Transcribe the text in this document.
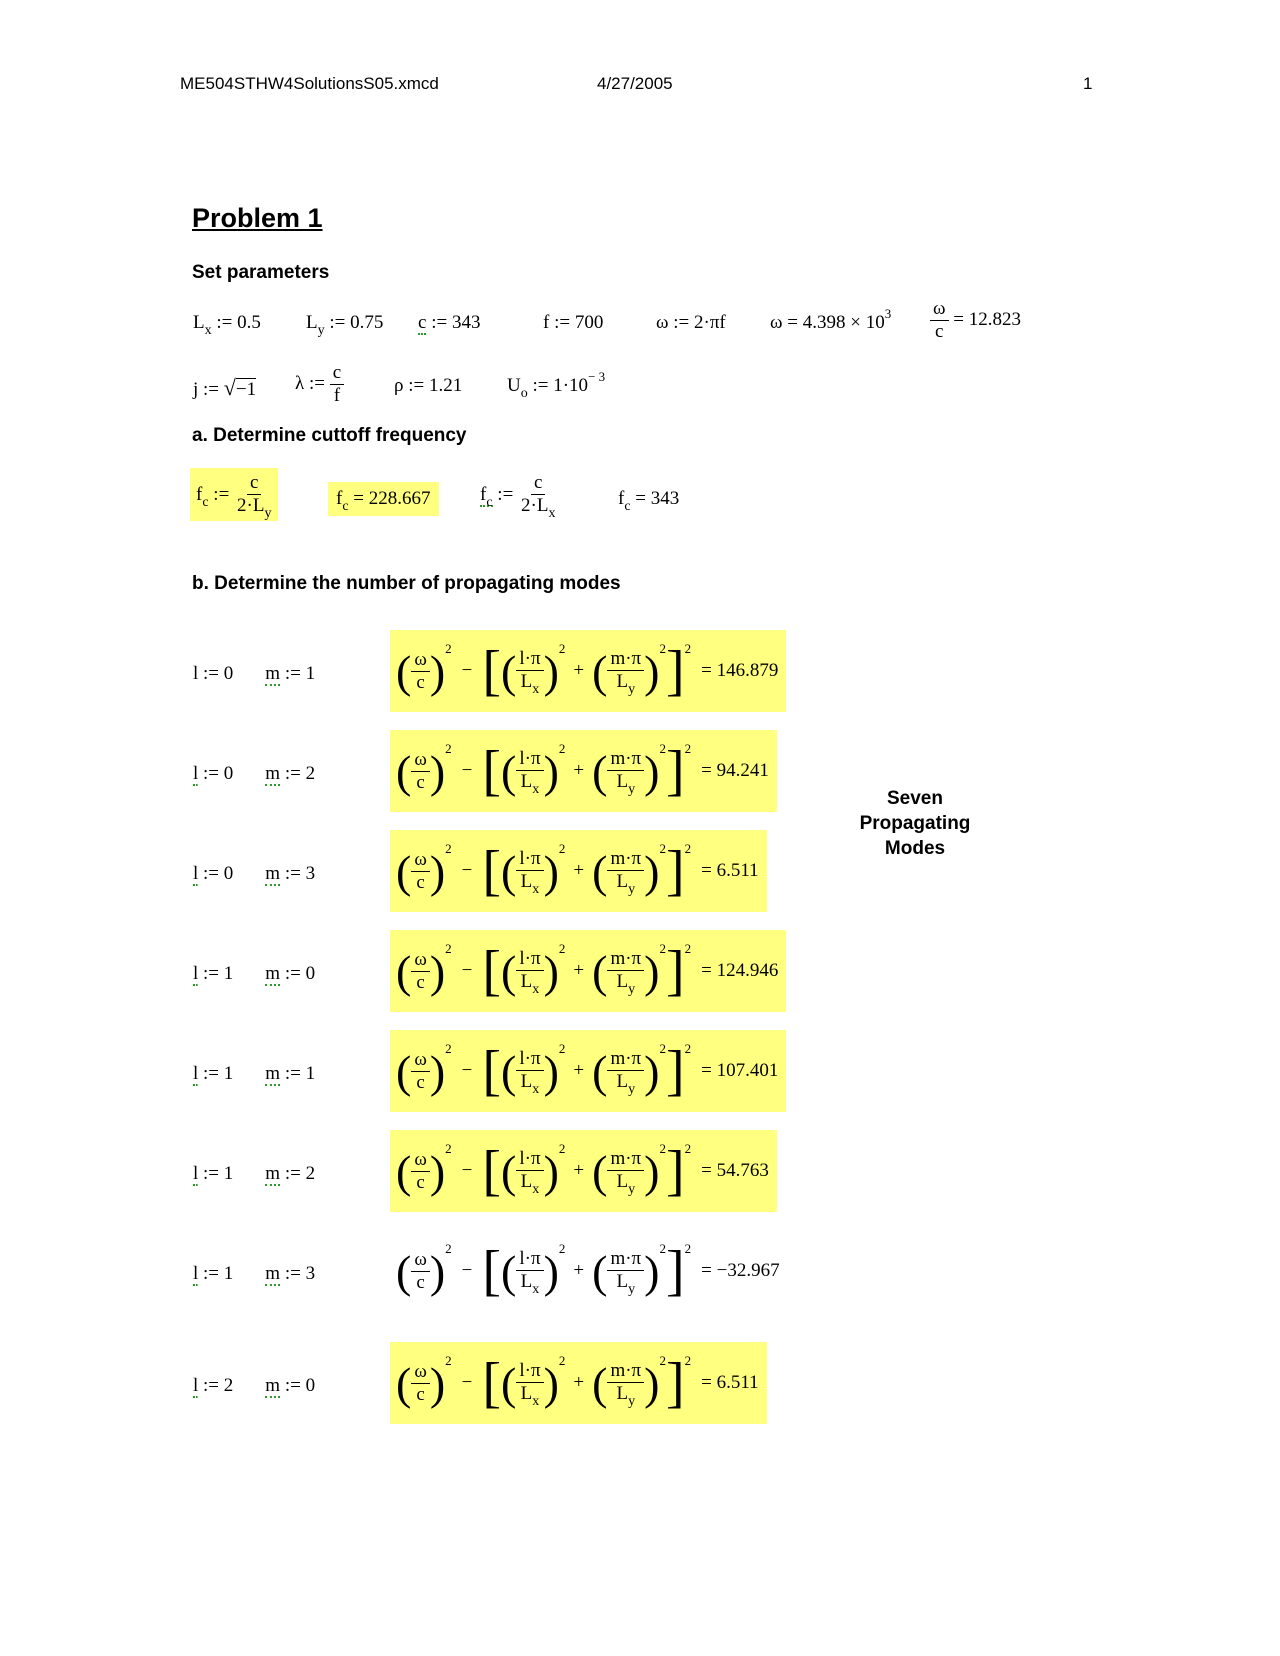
ME504STHW4SolutionsS05.xmcd	4/27/2005	1
Problem 1
Set parameters
$L_x$ := 0.5 $L_y$ := 0.75 c := 343	f := 700	ω := 2·πf $\omega = 4.398 \times 10^3 \frac{\omega}{c} = 12.823$
j := √−1 λ := $\frac{c}{f}$	ρ := 1.21 $U_o$ := $1\cdot 10^{- 3}$
a. Determine cuttoff frequency
$f_c$ := $\frac{c}{2\cdot L_y}$	$f_c = 228.667$	$f_c$ := $\frac{c}{2\cdot L_x}$	$f_c = 343$
b. Determine the number of propagating modes
Seven
Propagating
Modes
l := 0 m := 1 ( $\frac{\omega}{c}$ ) 2
− [ ( $\frac{l\cdot\pi}{L_x}$ ) 2
+ ( $\frac{m\cdot\pi}{L_y}$ ) 2 ] 2
= 146.879
l := 0 m := 2 ( $\frac{\omega}{c}$ ) 2
− [ ( $\frac{l\cdot\pi}{L_x}$ ) 2
+ ( $\frac{m\cdot\pi}{L_y}$ ) 2 ] 2
= 94.241
l := 0 m := 3 ( $\frac{\omega}{c}$ ) 2
− [ ( $\frac{l\cdot\pi}{L_x}$ ) 2
+ ( $\frac{m\cdot\pi}{L_y}$ ) 2 ] 2
= 6.511
l := 1 m := 0 ( $\frac{\omega}{c}$ ) 2
− [ ( $\frac{l\cdot\pi}{L_x}$ ) 2
+ ( $\frac{m\cdot\pi}{L_y}$ ) 2 ] 2
= 124.946
l := 1 m := 1 ( $\frac{\omega}{c}$ ) 2
− [ ( $\frac{l\cdot\pi}{L_x}$ ) 2
+ ( $\frac{m\cdot\pi}{L_y}$ ) 2 ] 2
= 107.401
l := 1 m := 2 ( $\frac{\omega}{c}$ ) 2
− [ ( $\frac{l\cdot\pi}{L_x}$ ) 2
+ ( $\frac{m\cdot\pi}{L_y}$ ) 2 ] 2
= 54.763
l := 1 m := 3 ( $\frac{\omega}{c}$ ) 2
− [ ( $\frac{l\cdot\pi}{L_x}$ ) 2
+ ( $\frac{m\cdot\pi}{L_y}$ ) 2 ] 2
= −32.967
l := 2 m := 0 ( $\frac{\omega}{c}$ ) 2
− [ ( $\frac{l\cdot\pi}{L_x}$ ) 2
+ ( $\frac{m\cdot\pi}{L_y}$ ) 2 ] 2
= 6.511
